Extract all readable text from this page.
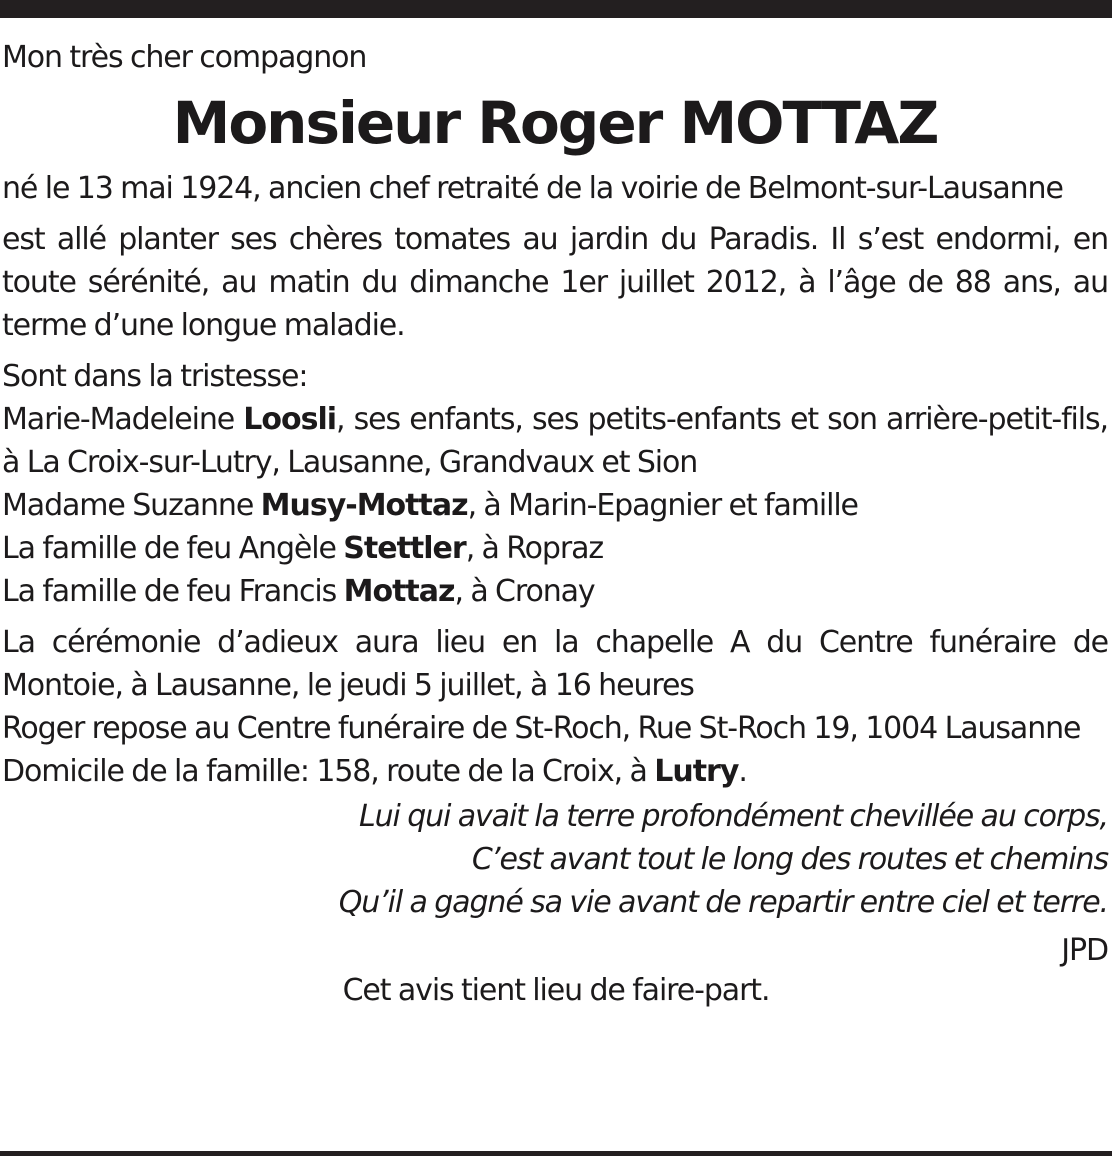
Mon très cher compagnon

Monsieur Roger MOTTAZ

né le 13 mai 1924, ancien chef retraité de la voirie de Belmont-sur-Lausanne

est allé planter ses chères tomates au jardin du Paradis. Il s’est endormi, en toute sérénité, au matin du dimanche 1er juillet 2012, à l’âge de 88 ans, au terme d’une longue maladie.

Sont dans la tristesse:

Marie-Madeleine Loosli, ses enfants, ses petits-enfants et son arrière-petit-fils, à La Croix-sur-Lutry, Lausanne, Grandvaux et Sion

Madame Suzanne Musy-Mottaz, à Marin-Epagnier et famille

La famille de feu Angèle Stettler, à Ropraz

La famille de feu Francis Mottaz, à Cronay

La cérémonie d’adieux aura lieu en la chapelle A du Centre funéraire de Montoie, à Lausanne, le jeudi 5 juillet, à 16 heures

Roger repose au Centre funéraire de St-Roch, Rue St-Roch 19, 1004 Lausanne

Domicile de la famille: 158, route de la Croix, à Lutry.

Lui qui avait la terre profondément chevillée au corps,

C’est avant tout le long des routes et chemins

Qu’il a gagné sa vie avant de repartir entre ciel et terre.

JPD

Cet avis tient lieu de faire-part.
